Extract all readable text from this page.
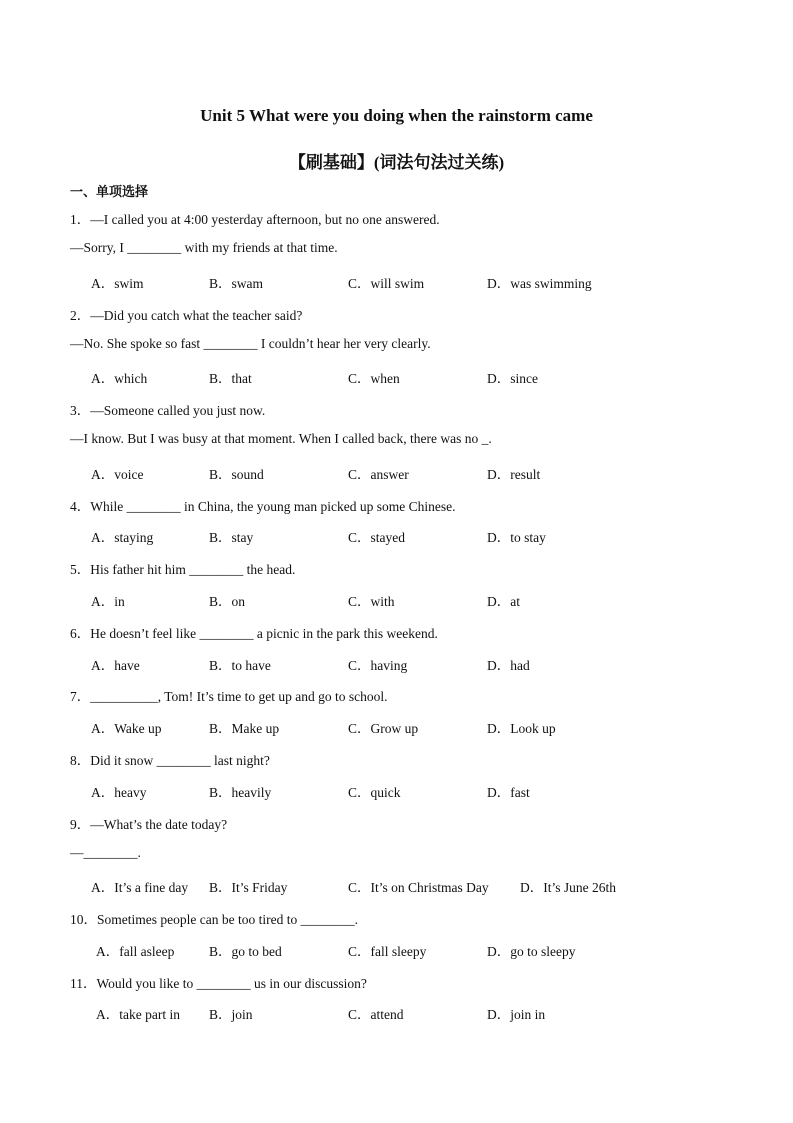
Unit 5 What were you doing when the rainstorm came
【刷基础】(词法句法过关练)
一、单项选择
1．—I called you at 4:00 yesterday afternoon, but no one answered.
—Sorry, I ________ with my friends at that time.
A．swim	B．swam	C．will swim	D．was swimming
2．—Did you catch what the teacher said?
—No. She spoke so fast ________ I couldn’t hear her very clearly.
A．which	B．that	C．when	D．since
3．—Someone called you just now.
—I know. But I was busy at that moment. When I called back, there was no _.
A．voice	B．sound	C．answer	D．result
4．While ________ in China, the young man picked up some Chinese.
A．staying	B．stay	C．stayed	D．to stay
5．His father hit him ________ the head.
A．in	B．on	C．with	D．at
6．He doesn’t feel like ________ a picnic in the park this weekend.
A．have	B．to have	C．having	D．had
7．__________, Tom! It’s time to get up and go to school.
A．Wake up	B．Make up	C．Grow up	D．Look up
8．Did it snow ________ last night?
A．heavy	B．heavily	C．quick	D．fast
9．—What’s the date today?
—________.
A．It’s a fine day B．It’s Friday	C．It’s on Christmas Day D．It’s June 26th
10．Sometimes people can be too tired to ________.
A．fall asleep	B．go to bed	C．fall sleepy	D．go to sleepy
11．Would you like to ________ us in our discussion?
A．take part in B．join	C．attend	D．join in
